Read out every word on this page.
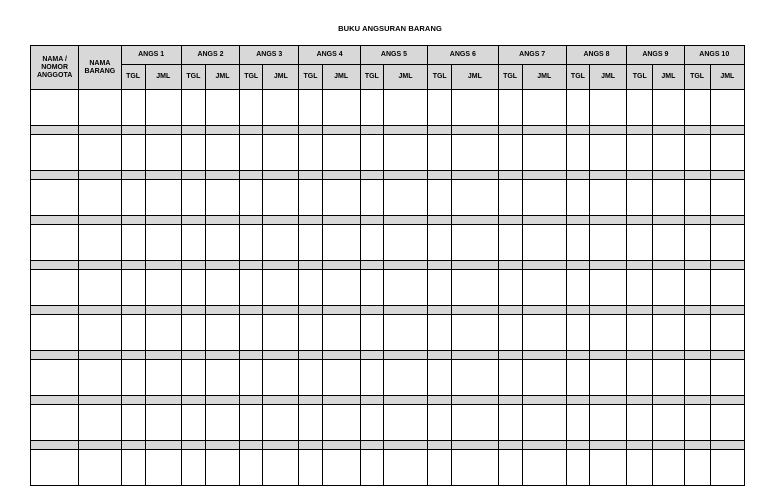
BUKU ANGSURAN BARANG
NAMA / NOMOR ANGGOTA	NAMA BARANG	ANGS 1		ANGS 2		ANGS 3		ANGS 4		ANGS 5		ANGS 6		ANGS 7		ANGS 8		ANGS 9		ANGS 10	
		TGL	JML	TGL	JML	TGL	JML	TGL	JML	TGL	JML	TGL	JML	TGL	JML	TGL	JML	TGL	JML	TGL	JML
